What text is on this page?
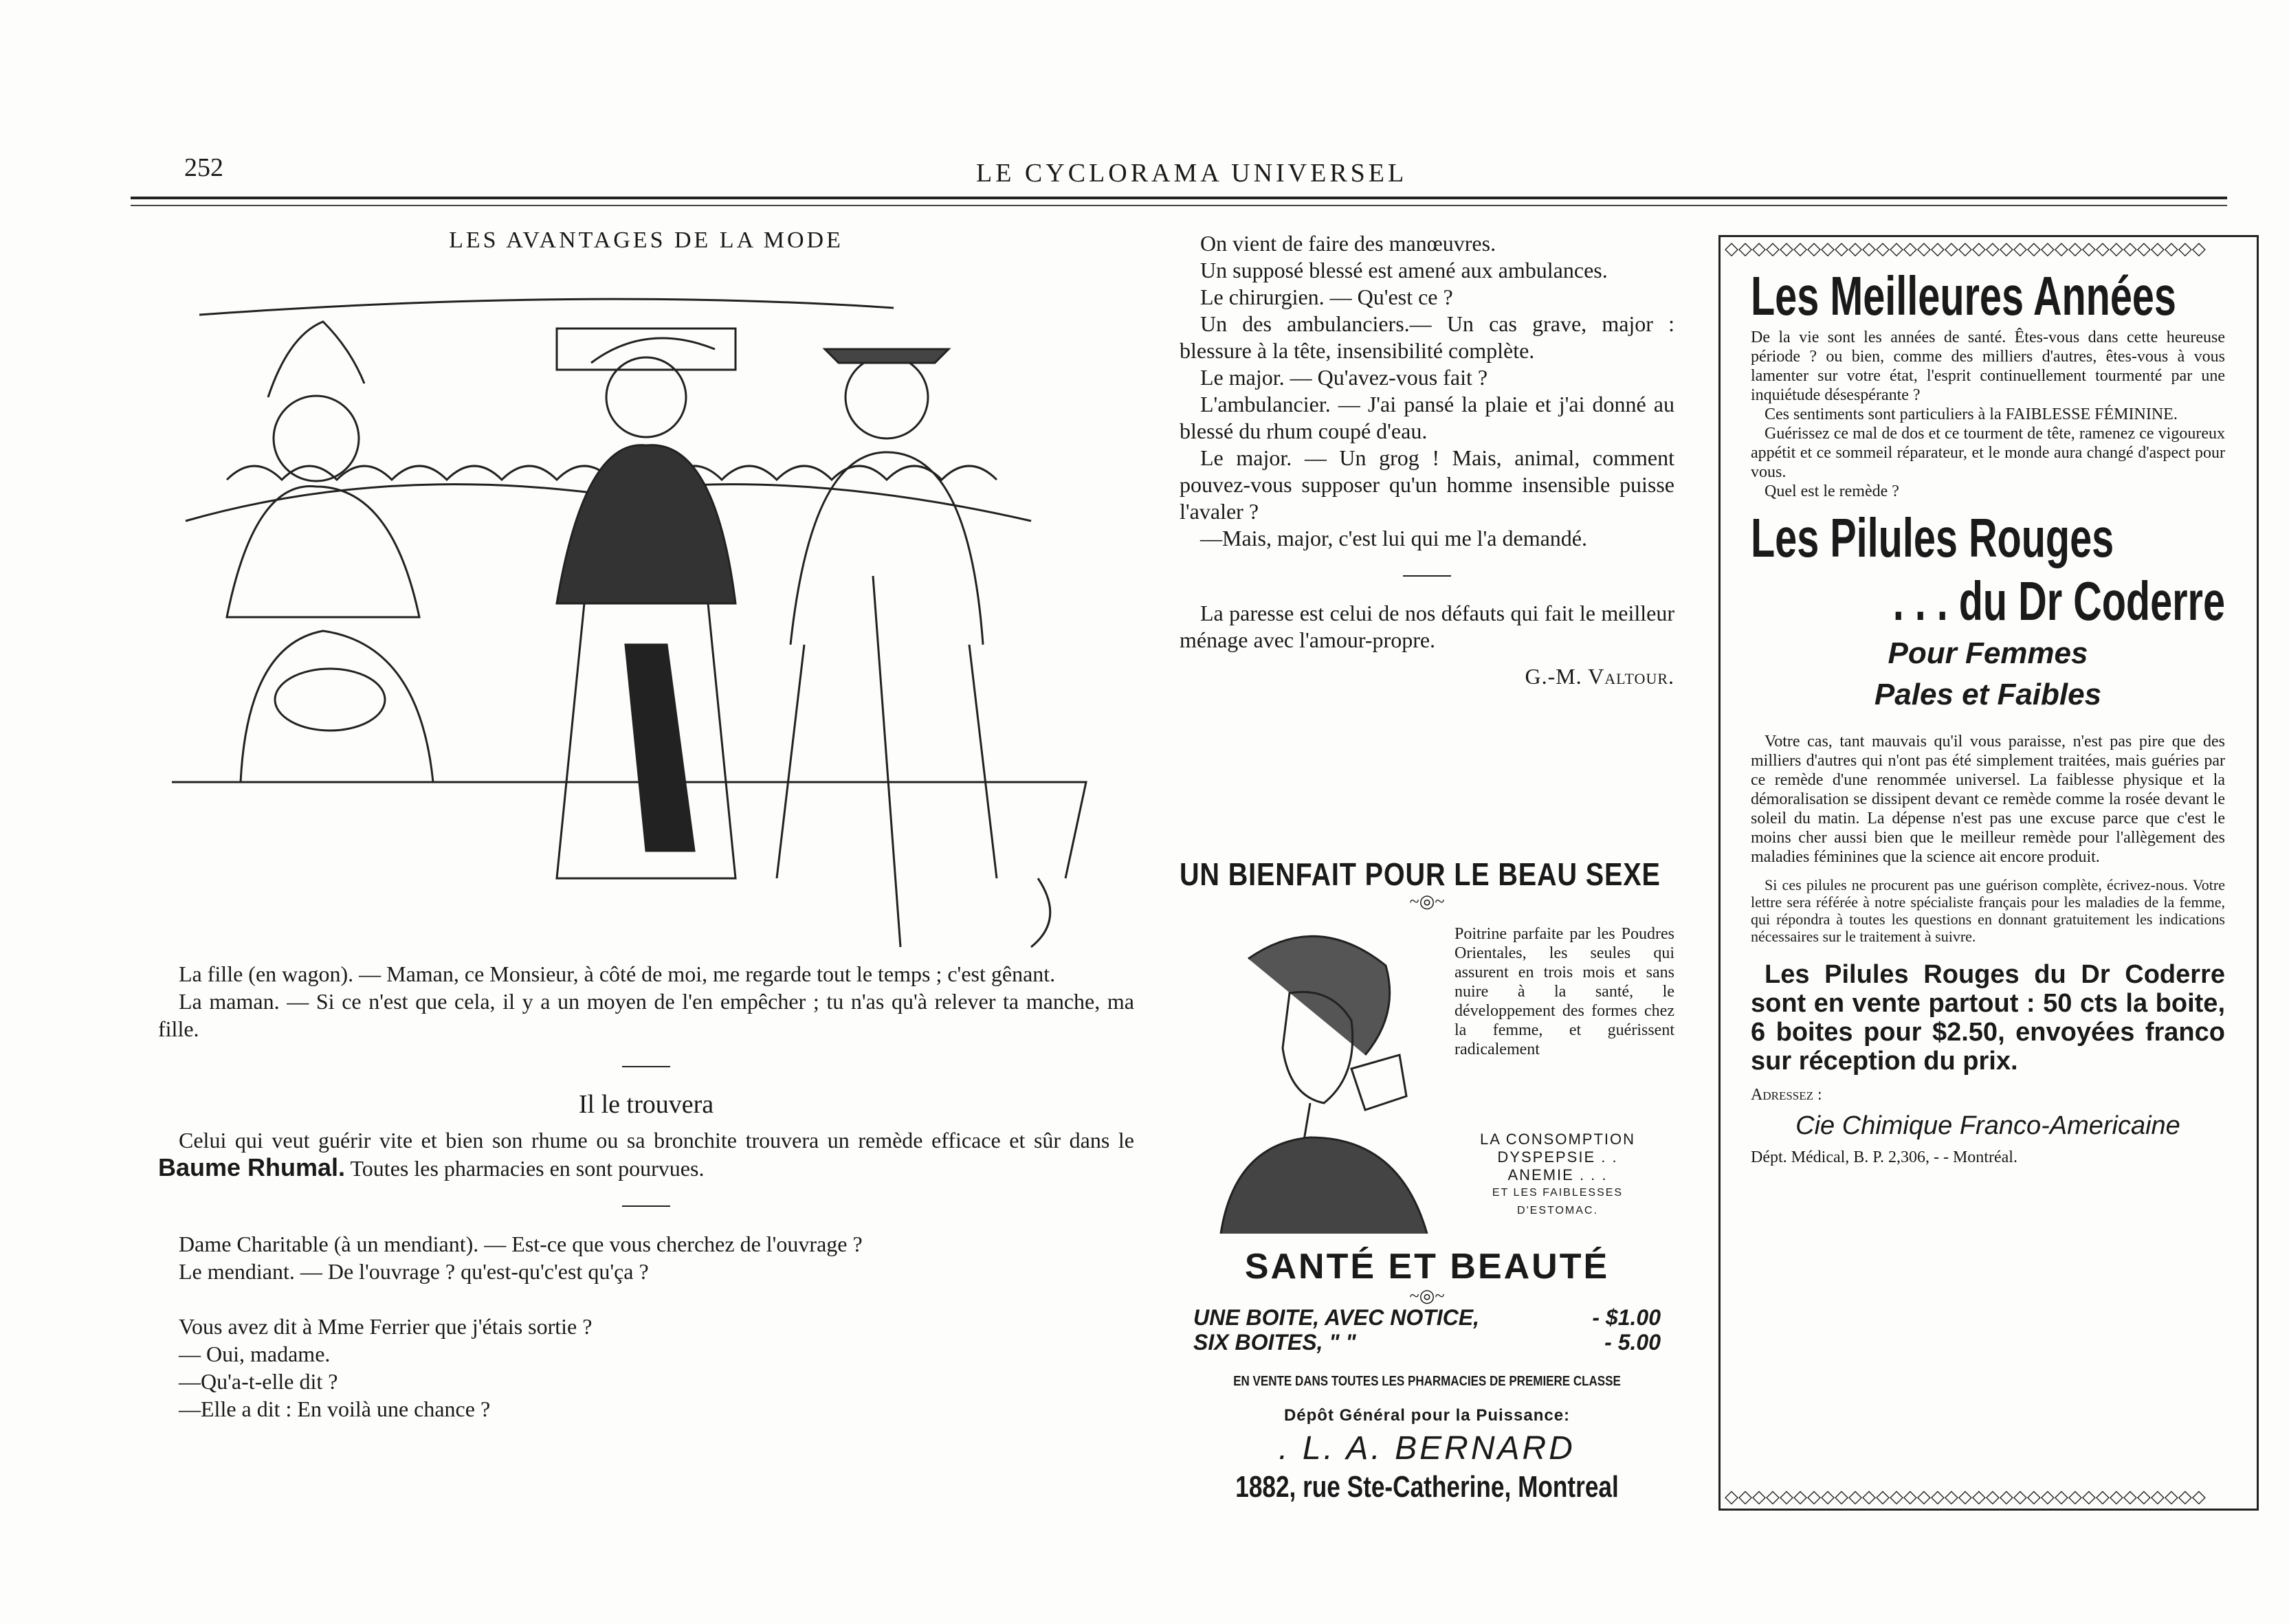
252	LE CYCLORAMA UNIVERSEL
LES AVANTAGES DE LA MODE

La fille (en wagon). — Maman, ce Monsieur, à côté de moi, me regarde tout le temps ; c'est gênant.

La maman. — Si ce n'est que cela, il y a un moyen de l'en empêcher ; tu n'as qu'à relever ta manche, ma fille.

Il le trouvera

Celui qui veut guérir vite et bien son rhume ou sa bronchite trouvera un remède efficace et sûr dans le Baume Rhumal. Toutes les pharmacies en sont pourvues.

Dame Charitable (à un mendiant). — Est-ce que vous cherchez de l'ouvrage ?

Le mendiant. — De l'ouvrage ? qu'est-qu'c'est qu'ça ?

Vous avez dit à Mme Ferrier que j'étais sortie ?

— Oui, madame.

—Qu'a-t-elle dit ?

—Elle a dit : En voilà une chance ?

On vient de faire des manœuvres.

Un supposé blessé est amené aux ambulances.

Le chirurgien. — Qu'est ce ?

Un des ambulanciers.— Un cas grave, major : blessure à la tête, insensibilité complète.

Le major. — Qu'avez-vous fait ?

L'ambulancier. — J'ai pansé la plaie et j'ai donné au blessé du rhum coupé d'eau.

Le major. — Un grog ! Mais, animal, comment pouvez-vous supposer qu'un homme insensible puisse l'avaler ?

—Mais, major, c'est lui qui me l'a demandé.

La paresse est celui de nos défauts qui fait le meilleur ménage avec l'amour-propre.

G.-M. Valtour.
UN BIENFAIT POUR LE BEAU SEXE
~◎~
Poitrine parfaite par les Poudres Orientales, les seules qui assurent en trois mois et sans nuire à la santé, le développement des formes chez la femme, et guérissent radicalement
LA CONSOMPTION
DYSPEPSIE . .
ANEMIE . . .
ET LES FAIBLESSES
D'ESTOMAC.
SANTÉ ET BEAUTÉ
~◎~
UNE BOITE, AVEC NOTICE,	- $1.00
SIX BOITES, " "	- 5.00
EN VENTE DANS TOUTES LES PHARMACIES DE PREMIERE CLASSE
Dépôt Général pour la Puissance:
. L. A. BERNARD
1882, rue Ste-Catherine, Montreal
◇◇◇◇◇◇◇◇◇◇◇◇◇◇◇◇◇◇◇◇◇◇◇◇◇◇◇◇◇◇◇◇◇◇◇
◇◇◇◇◇◇◇◇◇◇◇◇◇◇◇◇◇◇◇◇◇◇◇◇◇◇◇◇◇◇◇◇◇◇◇
Les Meilleures Années

De la vie sont les années de santé. Êtes-vous dans cette heureuse période ? ou bien, comme des milliers d'autres, êtes-vous à vous lamenter sur votre état, l'esprit continuellement tourmenté par une inquiétude désespérante ?

Ces sentiments sont particuliers à la FAIBLESSE FÉMININE.

Guérissez ce mal de dos et ce tourment de tête, ramenez ce vigoureux appétit et ce sommeil réparateur, et le monde aura changé d'aspect pour vous.

Quel est le remède ?

Les Pilules Rouges
. . . du Dr Coderre
Pour Femmes
Pales et Faibles

Votre cas, tant mauvais qu'il vous paraisse, n'est pas pire que des milliers d'autres qui n'ont pas été simplement traitées, mais guéries par ce remède d'une renommée universel. La faiblesse physique et la démoralisation se dissipent devant ce remède comme la rosée devant le soleil du matin. La dépense n'est pas une excuse parce que c'est le moins cher aussi bien que le meilleur remède pour l'allègement des maladies féminines que la science ait encore produit.

Si ces pilules ne procurent pas une guérison complète, écrivez-nous. Votre lettre sera référée à notre spécialiste français pour les maladies de la femme, qui répondra à toutes les questions en donnant gratuitement les indications nécessaires sur le traitement à suivre.

Les Pilules Rouges du Dr Coderre sont en vente partout : 50 cts la boite, 6 boites pour $2.50, envoyées franco sur réception du prix.

Adressez :

Cie Chimique Franco-Americaine

Dépt. Médical, B. P. 2,306, - - Montréal.
